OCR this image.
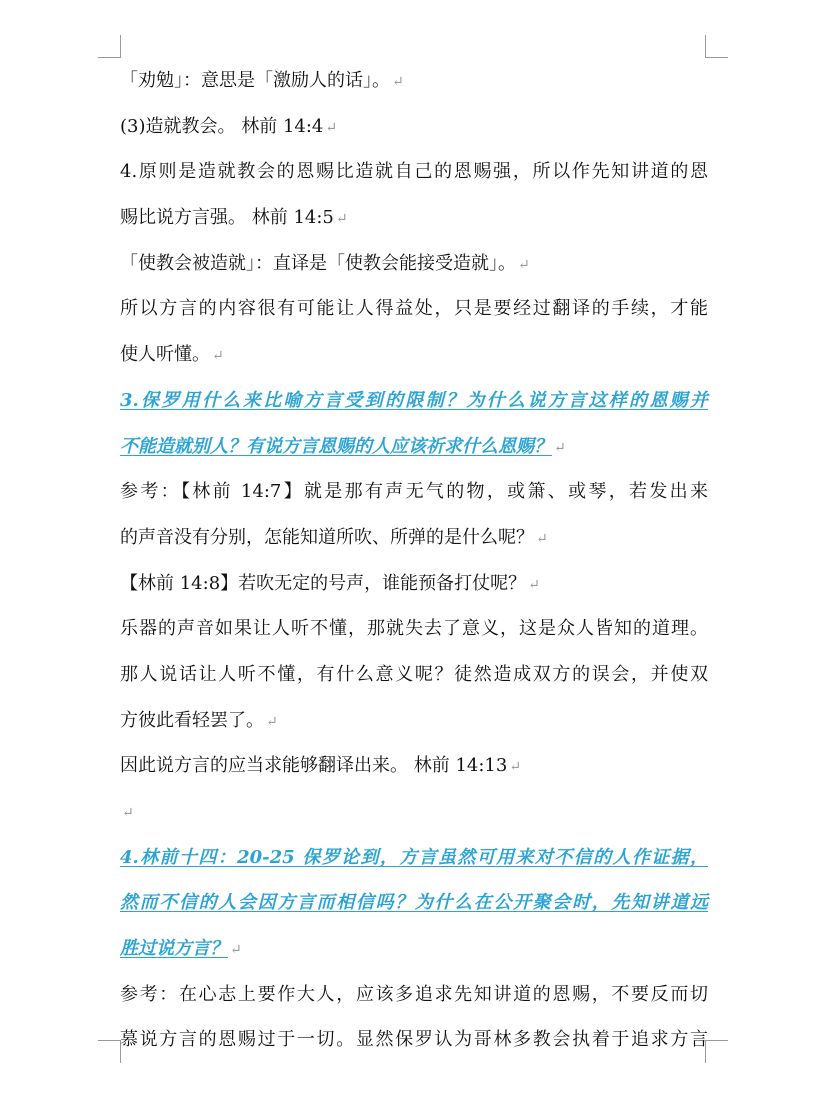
「劝勉」：意思是「激励人的话」。 ↵
(3)造就教会。 林前 14:4 ↵
4.原则是造就教会的恩赐比造就自己的恩赐强，所以作先知讲道的恩
赐比说方言强。 林前 14:5 ↵
「使教会被造就」：直译是「使教会能接受造就」。 ↵
所以方言的内容很有可能让人得益处，只是要经过翻译的手续，才能
使人听懂。 ↵
3.保罗用什么来比喻方言受到的限制？为什么说方言这样的恩赐并
不能造就别人？有说方言恩赐的人应该祈求什么恩赐？ ↵
参考：【林前 14:7】就是那有声无气的物，或箫、或琴，若发出来
的声音没有分别，怎能知道所吹、所弹的是什么呢？ ↵
【林前 14:8】若吹无定的号声，谁能预备打仗呢？ ↵
乐器的声音如果让人听不懂，那就失去了意义，这是众人皆知的道理。
那人说话让人听不懂，有什么意义呢？徒然造成双方的误会，并使双
方彼此看轻罢了。 ↵
因此说方言的应当求能够翻译出来。 林前 14:13 ↵
↵
4.林前十四：20-25 保罗论到，方言虽然可用来对不信的人作证据，
然而不信的人会因方言而相信吗？为什么在公开聚会时，先知讲道远
胜过说方言？ ↵
参考：在心志上要作大人，应该多追求先知讲道的恩赐，不要反而切
慕说方言的恩赐过于一切。显然保罗认为哥林多教会执着于追求方言
